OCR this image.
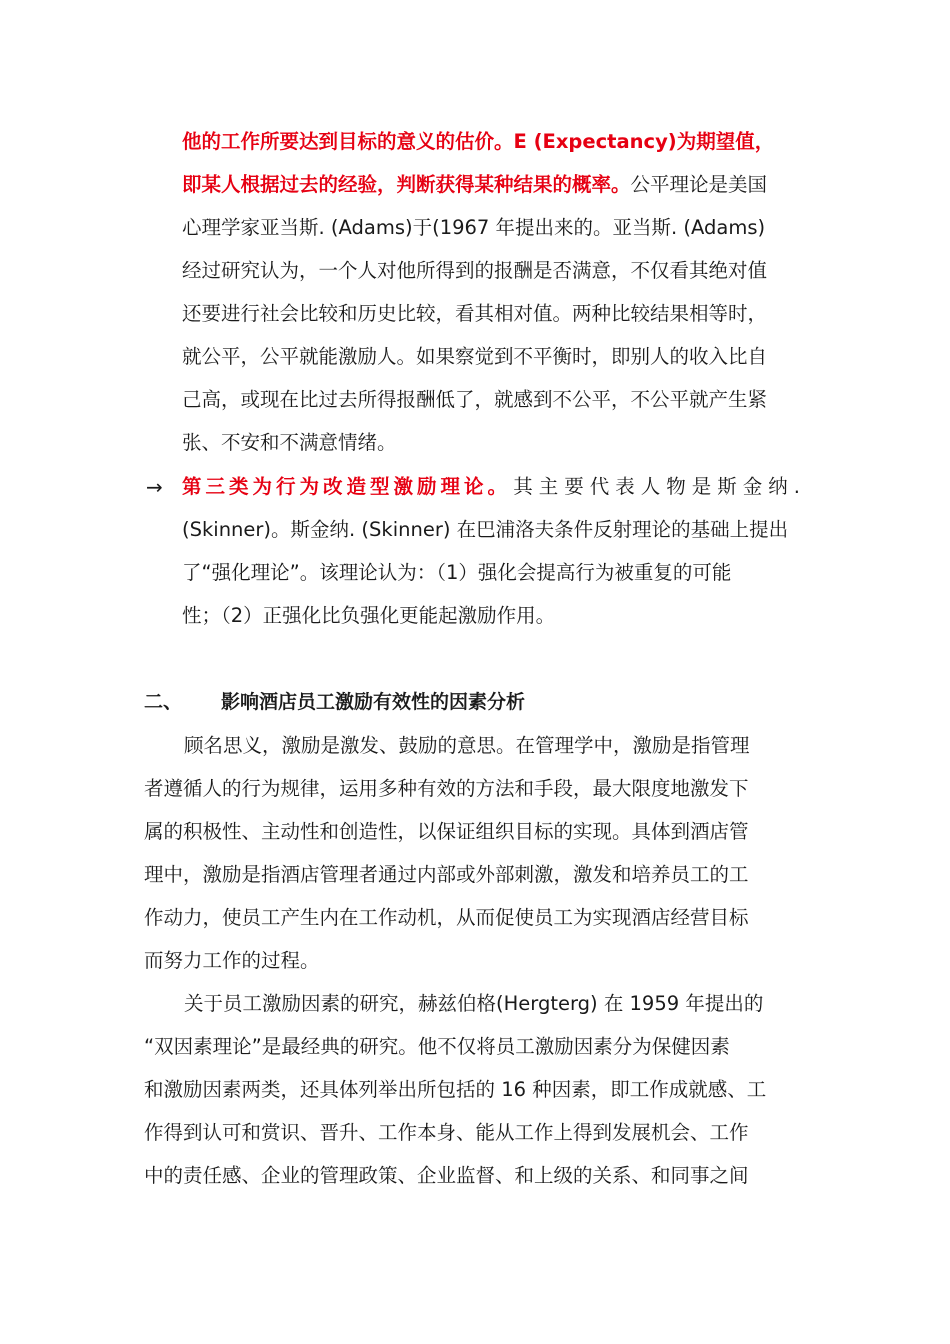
他的工作所要达到目标的意义的估价。E (Expectancy)为期望值，
即某人根据过去的经验，判断获得某种结果的概率。公平理论是美国
心理学家亚当斯. (Adams)于(1967 年提出来的。亚当斯. (Adams)
经过研究认为，一个人对他所得到的报酬是否满意，不仅看其绝对值
还要进行社会比较和历史比较，看其相对值。两种比较结果相等时，
就公平，公平就能激励人。如果察觉到不平衡时，即别人的收入比自
己高，或现在比过去所得报酬低了，就感到不公平，不公平就产生紧
张、不安和不满意情绪。
→ 第三类为行为改造型激励理论。 其主要代表人物是斯金纳.
(Skinner)。斯金纳. (Skinner) 在巴浦洛夫条件反射理论的基础上提出
了“强化理论”。该理论认为：（1）强化会提高行为被重复的可能
性；（2）正强化比负强化更能起激励作用。
二、 影响酒店员工激励有效性的因素分析
顾名思义，激励是激发、鼓励的意思。在管理学中，激励是指管理
者遵循人的行为规律，运用多种有效的方法和手段，最大限度地激发下
属的积极性、主动性和创造性，以保证组织目标的实现。具体到酒店管
理中，激励是指酒店管理者通过内部或外部刺激，激发和培养员工的工
作动力，使员工产生内在工作动机，从而促使员工为实现酒店经营目标
而努力工作的过程。
关于员工激励因素的研究，赫兹伯格(Hergterg) 在 1959 年提出的
“双因素理论”是最经典的研究。他不仅将员工激励因素分为保健因素
和激励因素两类，还具体列举出所包括的 16 种因素，即工作成就感、工
作得到认可和赏识、晋升、工作本身、能从工作上得到发展机会、工作
中的责任感、企业的管理政策、企业监督、和上级的关系、和同事之间
